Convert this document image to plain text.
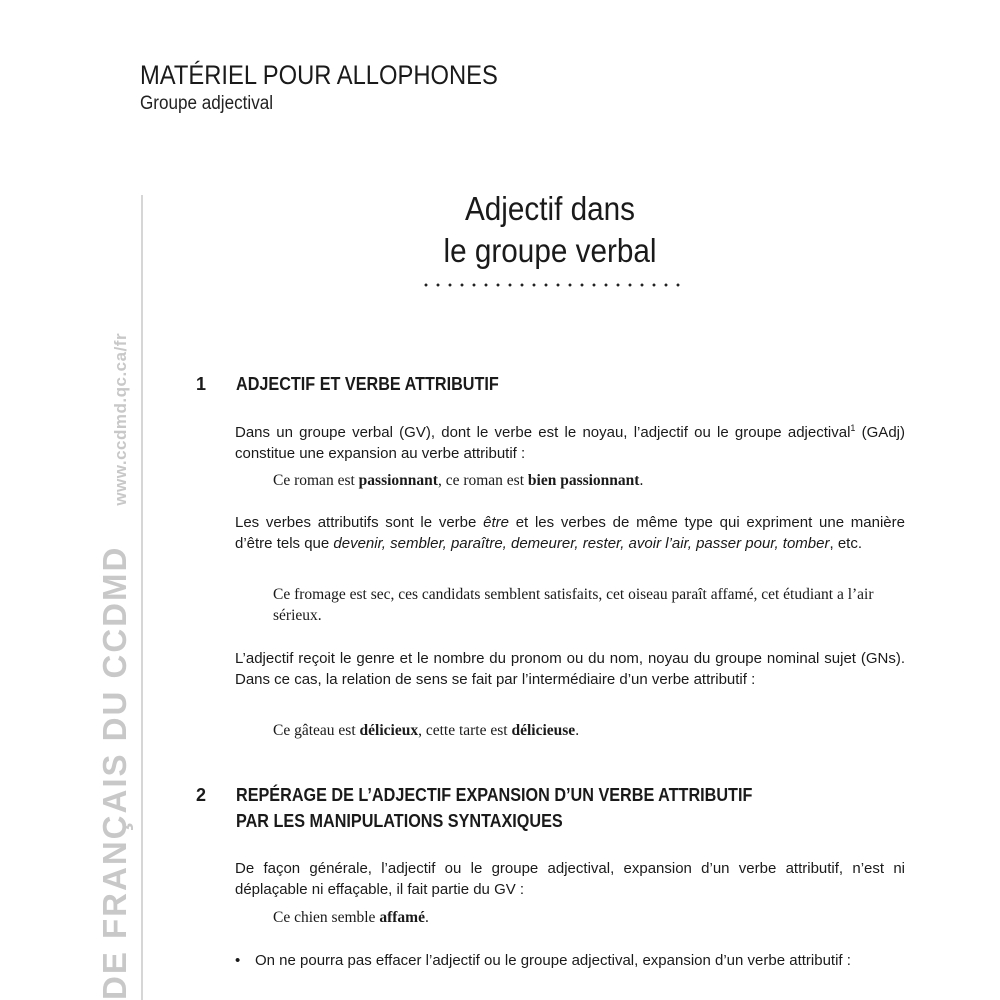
MATÉRIEL POUR ALLOPHONES
Groupe adjectival
DE FRANÇAIS DU CCDMDwww.ccdmd.qc.ca/fr
Adjectif dans
le groupe verbal
1 ADJECTIF ET VERBE ATTRIBUTIF
Dans un groupe verbal (GV), dont le verbe est le noyau, l’adjectif ou le groupe adjectival$^1$ (GAdj) constitue une expansion au verbe attributif :
Ce roman est passionnant, ce roman est bien passionnant.
Les verbes attributifs sont le verbe être et les verbes de même type qui expriment une manière d’être tels que devenir, sembler, paraître, demeurer, rester, avoir l’air, passer pour, tomber, etc.
Ce fromage est sec, ces candidats semblent satisfaits, cet oiseau paraît affamé, cet étudiant a l’air sérieux.
L’adjectif reçoit le genre et le nombre du pronom ou du nom, noyau du groupe nominal sujet (GNs). Dans ce cas, la relation de sens se fait par l’intermédiaire d’un verbe attributif :
Ce gâteau est délicieux, cette tarte est délicieuse.
2 REPÉRAGE DE L’ADJECTIF EXPANSION D’UN VERBE ATTRIBUTIF
PAR LES MANIPULATIONS SYNTAXIQUES
De façon générale, l’adjectif ou le groupe adjectival, expansion d’un verbe attributif, n’est ni déplaçable ni effaçable, il fait partie du GV :
Ce chien semble affamé.
• On ne pourra pas effacer l’adjectif ou le groupe adjectival, expansion d’un verbe attributif :
